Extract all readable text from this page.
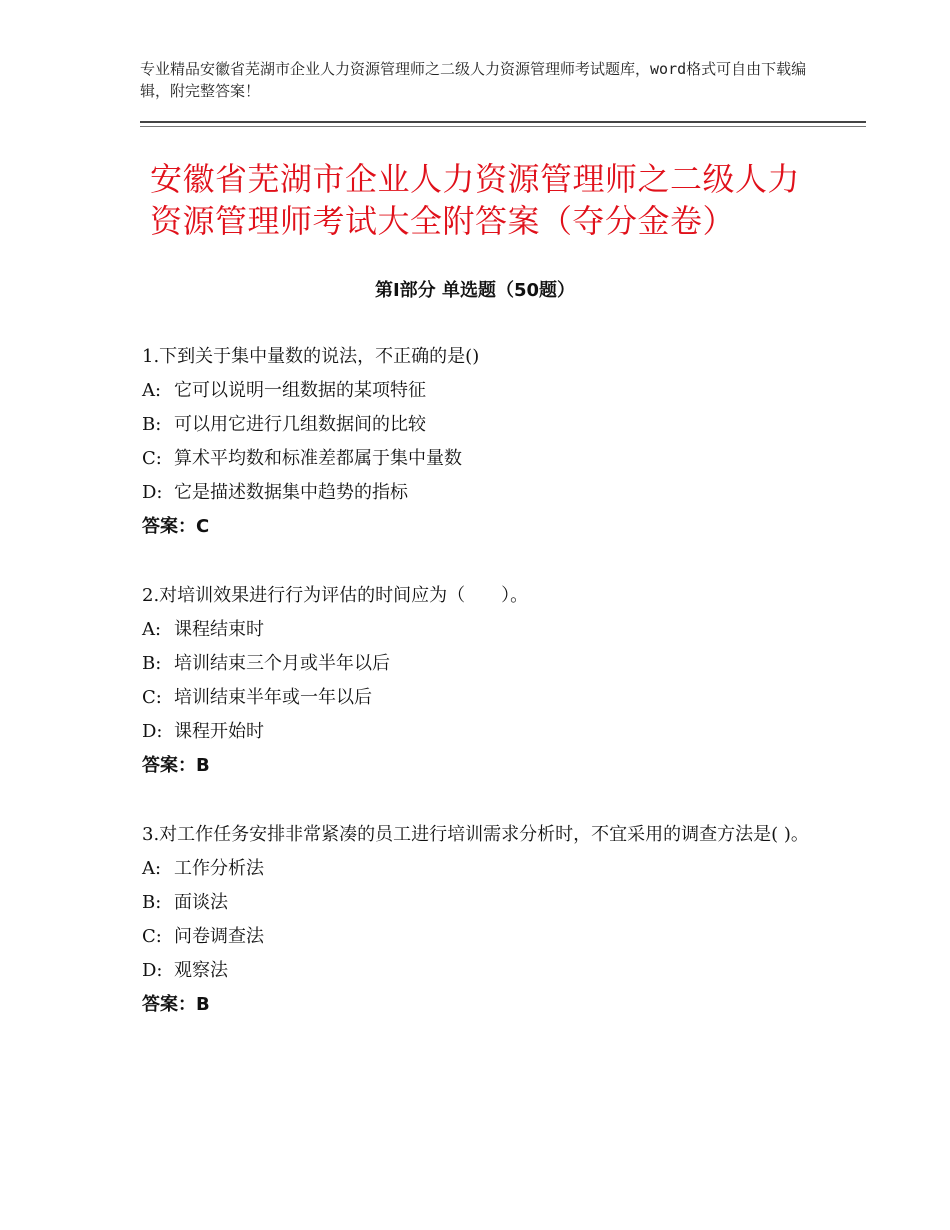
专业精品安徽省芜湖市企业人力资源管理师之二级人力资源管理师考试题库，word格式可自由下载编辑，附完整答案！
安徽省芜湖市企业人力资源管理师之二级人力资源管理师考试大全附答案（夺分金卷）
第Ⅰ部分 单选题（50题）
1.下到关于集中量数的说法，不正确的是()
A: 它可以说明一组数据的某项特征
B: 可以用它进行几组数据间的比较
C: 算术平均数和标准差都属于集中量数
D: 它是描述数据集中趋势的指标
答案：C
2.对培训效果进行行为评估的时间应为（　　）。
A: 课程结束时
B: 培训结束三个月或半年以后
C: 培训结束半年或一年以后
D: 课程开始时
答案：B
3.对工作任务安排非常紧凑的员工进行培训需求分析时，不宜采用的调查方法是( )。
A: 工作分析法
B: 面谈法
C: 问卷调查法
D: 观察法
答案：B
